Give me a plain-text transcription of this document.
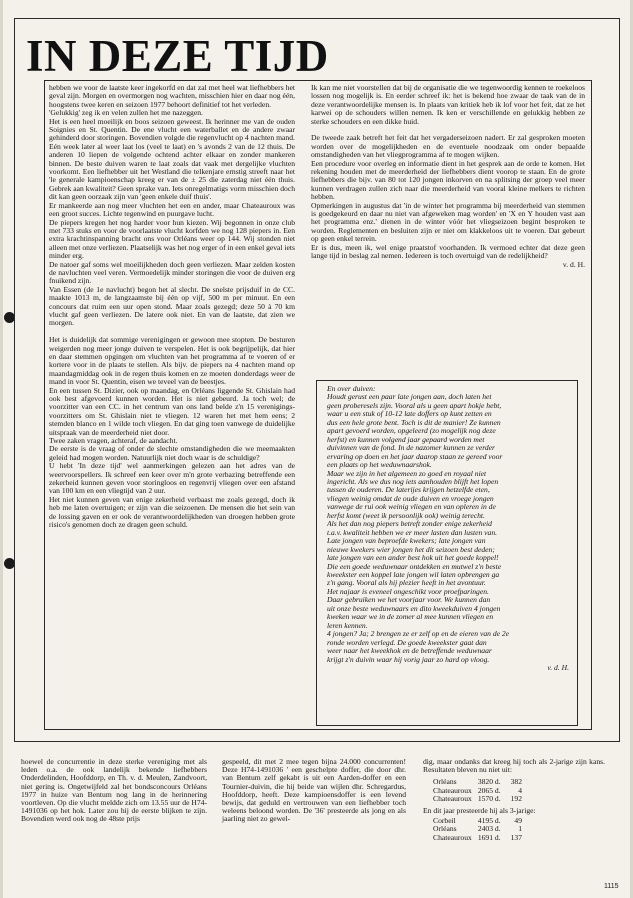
IN DEZE TIJD

hebben we voor de laatste keer ingekorfd en dat zal met heel wat liefhebbers het geval zijn. Morgen en overmorgen nog wachten, misschien hier en daar nog één, hoogstens twee keren en seizoen 1977 behoort definitief tot het verleden.

'Gelukkig' zeg ik en velen zullen het me nazeggen.

Het is een heel moeilijk en boos seizoen geweest. Ik herinner me van de ouden Soignies en St. Quentin. De ene vlucht een waterballet en de andere zwaar gehinderd door storingen. Bovendien volgde die regenvlucht op 4 nachten mand.

Eén week later al weer laat los (veel te laat) en 's avonds 2 van de 12 thuis. De anderen 10 liepen de volgende ochtend achter elkaar en zonder mankeren binnen. De beste duiven waren te laat zoals dat vaak met dergelijke vluchten voorkomt. Een liefhebber uit het Westland die telkenjare ernstig streeft naar het 'le generale kampioenschap kreeg er van de ± 25 die zaterdag niet één thuis. Gebrek aan kwaliteit? Geen sprake van. Iets onregelmatigs vorm misschien doch dit kan geen oorzaak zijn van 'geen enkele duif thuis'.

Er mankeerde aan nog meer vluchten het een en ander, maar Chateauroux was een groot succes. Lichte tegenwind en puurgave lucht.

De piepers kregen het nog harder voor hun kiezen. Wij begonnen in onze club met 733 stuks en voor de voorlaatste vlucht korfden we nog 128 piepers in. Een extra krachtinspanning bracht ons voor Orléans weer op 144. Wij stonden niet alleen met onze verliezen. Plaatselijk was het nog erger of in een enkel geval iets minder erg.

De natoer gaf soms wel moeilijkheden doch geen verliezen. Maar zelden kosten de navluchten veel veren. Vermoedelijk minder storingen die voor de duiven erg fnuikend zijn.

Van Essen (de 1e navlucht) begon het al slecht. De snelste prijsduif in de CC. maakte 1013 m, de langzaamste bij één op vijf, 500 m per minuut. En een concours dat ruim een uur open stond. Maar zoals gezegd; deze 50 à 70 km vlucht gaf geen verliezen. De latere ook niet. En van de laatste, dat zien we morgen.

Het is duidelijk dat sommige verenigingen er gewoon mee stopten. De besturen weigerden nog meer jonge duiven te verspelen. Het is ook begrijpelijk, dat hier en daar stemmen opgingen om vluchten van het programma af te voeren of er kortere voor in de plaats te stellen. Als bijv. de piepers na 4 nachten mand op maandagmiddag ook in de regen thuis komen en ze moeten donderdags weer de mand in voor St. Quentin, eisen we teveel van de beestjes.

En een tussen St. Dizier, ook op maandag, en Orléans liggende St. Ghislain had ook best afgevoerd kunnen worden. Het is niet gebeurd. Ja toch wel; de voorzitter van een CC. in het centrum van ons land belde z'n 15 verenigings-voorzitters om St. Ghislain niet te vliegen. 12 waren het met hem eens; 2 stemden blanco en 1 wilde toch vliegen. En dat ging toen vanwege de duidelijke uitspraak van de meerderheid niet door.

Twee zaken vragen, achteraf, de aandacht.

De eerste is de vraag of onder de slechte omstandigheden die we meemaakten geleid had mogen worden. Natuurlijk niet doch waar is de schuldige?

U hebt 'In deze tijd' wel aanmerkingen gelezen aan het adres van de weervoorspellers. Ik schreef een keer over m'n grote verbazing betreffende een zekerheid kunnen geven voor storingloos en regenvrij vliegen over een afstand van 100 km en een vliegtijd van 2 uur.

Het niet kunnen geven van enige zekerheid verbaast me zoals gezegd, doch ik heb me laten overtuigen; er zijn van die seizoenen. De mensen die het sein van de lossing gaven en er ook de verantwoordelijkheden van droegen hebben grote risico's genomen doch ze dragen geen schuld.

Ik kan me niet voorstellen dat bij de organisatie die we tegenwoordig kennen te roekeloos lossen nog mogelijk is. En eerder schreef ik: het is bekend hoe zwaar de taak van de in deze verantwoordelijke mensen is. In plaats van kritiek heb ik lof voor het feit, dat ze het karwei op de schouders willen nemen. Ik ken er verschillende en gelukkig hebben ze sterke schouders en een dikke huid.

De tweede zaak betreft het feit dat het vergaderseizoen nadert. Er zal gesproken moeten worden over de mogelijkheden en de eventuele noodzaak om onder bepaalde omstandigheden van het vliegprogramma af te mogen wijken.

Een procedure voor overleg en informatie dient in het gesprek aan de orde te komen. Het rekening houden met de meerderheid der liefhebbers dient voorop te staan. En de grote liefhebbers die bijv. van 80 tot 120 jongen inkorven en na splitsing der groep veel meer kunnen verdragen zullen zich naar die meerderheid van vooral kleine melkers te richten hebben.

Opmerkingen in augustus dat 'in de winter het programma bij meerderheid van stemmen is goedgekeurd en daar nu niet van afgeweken mag worden' en 'X en Y houden vast aan het programma enz.' dienen in de winter vóór het vliegseizoen begint besproken te worden. Reglementen en besluiten zijn er niet om klakkeloos uit te voeren. Dat gebeurt op geen enkel terrein.

Er is dus, meen ik, wel enige praatstof voorhanden. Ik vermoed echter dat deze geen lange tijd in beslag zal nemen. Iedereen is toch overtuigd van de redelijkheid?

v. d. H.

En over duiven:
Houdt gerust een paar late jongen aan, doch laten het
geen proberesels zijn. Vooral als u geen apart hokje hebt,
waar u een stuk of 10-12 late doffers op kunt zetten en
dus een hele grote bent. Toch is dit de manier! Ze kunnen
apart gevoerd worden, opgeleerd (zo mogelijk nog deze
herfst) en kunnen volgend jaar gepaard worden met
duivinnen van de fond. In de nazomer kunnen ze verder
ervaring op doen en het jaar daarop staan ze gereed voor
een plaats op het weduwnaarshok.
Maar we zijn in het algemeen zo goed en royaal niet
ingericht. Als we dus nog iets aanhouden blijft het lopen
tussen de ouderen. De laterijes krijgen hetzelfde eten,
vliegen weinig omdat de oude duiven en vroege jongen
vanwege de rui ook weinig vliegen en van opleren in de
herfst komt (weet ik persoonlijk ook) weinig terecht.
Als het dan nog piepers betreft zonder enige zekerheid
t.a.v. kwaliteit hebben we er meer lasten dan lusten van.
Late jongen van beproefde kwekers; late jongen van
nieuwe kwekers wier jongen het dit seizoen best deden;
late jongen van een ander best hok uit het goede koppel!
Die een goede weduwnaar ontdekken en mutwel z'n beste
kweekster een koppel late jongen wil laten opbrengen ga
z'n gang. Vooral als hij plezier heeft in het avontuur.
Het najaar is eveneel ongeschikt voor proefparingen.
Daar gebruiken we het voorjaar voor. We kunnen dan
uit onze beste weduwnaars en dito kweekduiven 4 jongen
kweken waar we in de zomer al mee kunnen vliegen en
leren kennen.
4 jongen? Ja; 2 brengen ze er zelf op en de eieren van de 2e
ronde worden verlegd. De goede kweekster gaat dan
weer naar het kweekhok en de betreffende weduwnaar
krijgt z'n duivin waar hij vorig jaar zo hard op vloog.
v. d. H.

hoewel de concurrentie in deze sterke vereniging met als leden o.a. de ook landelijk bekende liefhebbers Onderdelinden, Hoofddorp, en Th. v. d. Meulen, Zandvoort, niet gering is. Ongetwijfeld zal het bondsconcours Orléans 1977 in huize van Bentum nog lang in de herinnering voortleven. Op die vlucht meldde zich om 13.55 uur de H74-1491036 op het hok. Later zou hij de eerste blijken te zijn. Bovendien werd ook nog de 48ste prijs

gespeeld, dit met 2 mee tegen bijna 24.000 concurrenten! Deze H74-1491036 ' een geschelpte doffer, die door dhr. van Bentum zelf gekabt is uit een Aarden-doffer en een Tournier-duivin, die hij beide van wijlen dhr. Schregardus, Hoofddorp, heeft. Deze kampioensdoffer is een levend bewijs, dat geduld en vertrouwen van een liefhebber toch weleens beloond worden. De '36' presteerde als jong en als jaarling niet zo gewel-

dig, maar ondanks dat kreeg hij toch als 2-jarige zijn kans. Resultaten bleven nu niet uit:

Orléans	3820 d.	382
Chateauroux	2065 d.	4
Chateauroux	1570 d.	192

En dit jaar presteerde hij als 3-jarige:

Corbeil	4195 d.	49
Orléans	2403 d.	1
Chateauroux	1691 d.	137
1115
